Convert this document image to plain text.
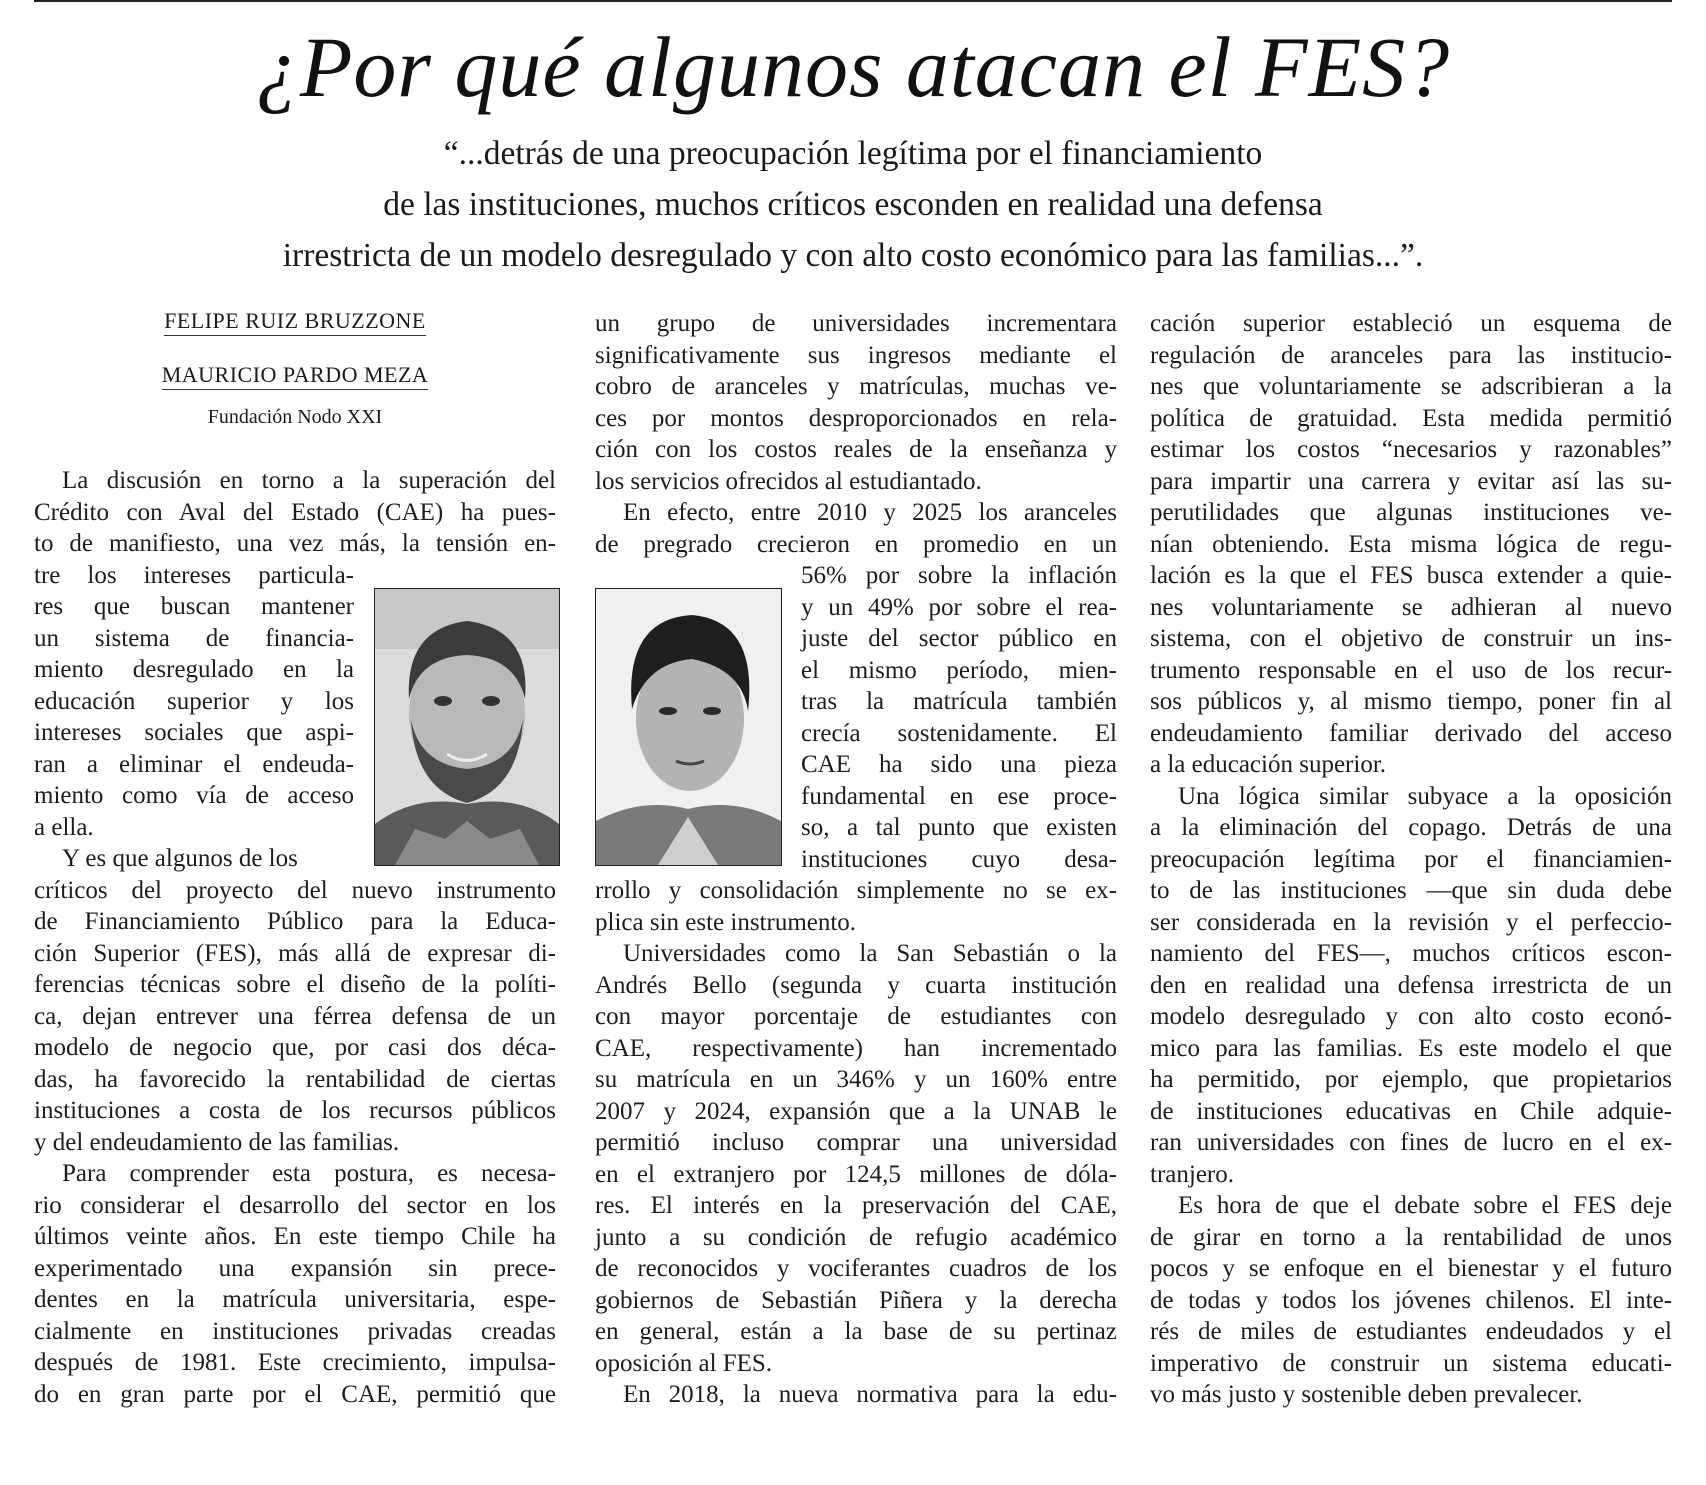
¿Por qué algunos atacan el FES?
“...detrás de una preocupación legítima por el financiamiento
de las instituciones, muchos críticos esconden en realidad una defensa
irrestricta de un modelo desregulado y con alto costo económico para las familias...”.
FELIPE RUIZ BRUZZONE
MAURICIO PARDO MEZA
Fundación Nodo XXI
La discusión en torno a la superación del
Crédito con Aval del Estado (CAE) ha pues-
to de manifiesto, una vez más, la tensión en-
tre los intereses particula-
res que buscan mantener
un sistema de financia-
miento desregulado en la
educación superior y los
intereses sociales que aspi-
ran a eliminar el endeuda-
miento como vía de acceso
a ella.
Y es que algunos de los
críticos del proyecto del nuevo instrumento
de Financiamiento Público para la Educa-
ción Superior (FES), más allá de expresar di-
ferencias técnicas sobre el diseño de la políti-
ca, dejan entrever una férrea defensa de un
modelo de negocio que, por casi dos déca-
das, ha favorecido la rentabilidad de ciertas
instituciones a costa de los recursos públicos
y del endeudamiento de las familias.
Para comprender esta postura, es necesa-
rio considerar el desarrollo del sector en los
últimos veinte años. En este tiempo Chile ha
experimentado una expansión sin prece-
dentes en la matrícula universitaria, espe-
cialmente en instituciones privadas creadas
después de 1981. Este crecimiento, impulsa-
do en gran parte por el CAE, permitió que
un grupo de universidades incrementara
significativamente sus ingresos mediante el
cobro de aranceles y matrículas, muchas ve-
ces por montos desproporcionados en rela-
ción con los costos reales de la enseñanza y
los servicios ofrecidos al estudiantado.
En efecto, entre 2010 y 2025 los aranceles
de pregrado crecieron en promedio en un
56% por sobre la inflación
y un 49% por sobre el rea-
juste del sector público en
el mismo período, mien-
tras la matrícula también
crecía sostenidamente. El
CAE ha sido una pieza
fundamental en ese proce-
so, a tal punto que existen
instituciones cuyo desa-
rrollo y consolidación simplemente no se ex-
plica sin este instrumento.
Universidades como la San Sebastián o la
Andrés Bello (segunda y cuarta institución
con mayor porcentaje de estudiantes con
CAE, respectivamente) han incrementado
su matrícula en un 346% y un 160% entre
2007 y 2024, expansión que a la UNAB le
permitió incluso comprar una universidad
en el extranjero por 124,5 millones de dóla-
res. El interés en la preservación del CAE,
junto a su condición de refugio académico
de reconocidos y vociferantes cuadros de los
gobiernos de Sebastián Piñera y la derecha
en general, están a la base de su pertinaz
oposición al FES.
En 2018, la nueva normativa para la edu-
cación superior estableció un esquema de
regulación de aranceles para las institucio-
nes que voluntariamente se adscribieran a la
política de gratuidad. Esta medida permitió
estimar los costos “necesarios y razonables”
para impartir una carrera y evitar así las su-
perutilidades que algunas instituciones ve-
nían obteniendo. Esta misma lógica de regu-
lación es la que el FES busca extender a quie-
nes voluntariamente se adhieran al nuevo
sistema, con el objetivo de construir un ins-
trumento responsable en el uso de los recur-
sos públicos y, al mismo tiempo, poner fin al
endeudamiento familiar derivado del acceso
a la educación superior.
Una lógica similar subyace a la oposición
a la eliminación del copago. Detrás de una
preocupación legítima por el financiamien-
to de las instituciones —que sin duda debe
ser considerada en la revisión y el perfeccio-
namiento del FES—, muchos críticos escon-
den en realidad una defensa irrestricta de un
modelo desregulado y con alto costo econó-
mico para las familias. Es este modelo el que
ha permitido, por ejemplo, que propietarios
de instituciones educativas en Chile adquie-
ran universidades con fines de lucro en el ex-
tranjero.
Es hora de que el debate sobre el FES deje
de girar en torno a la rentabilidad de unos
pocos y se enfoque en el bienestar y el futuro
de todas y todos los jóvenes chilenos. El inte-
rés de miles de estudiantes endeudados y el
imperativo de construir un sistema educati-
vo más justo y sostenible deben prevalecer.
